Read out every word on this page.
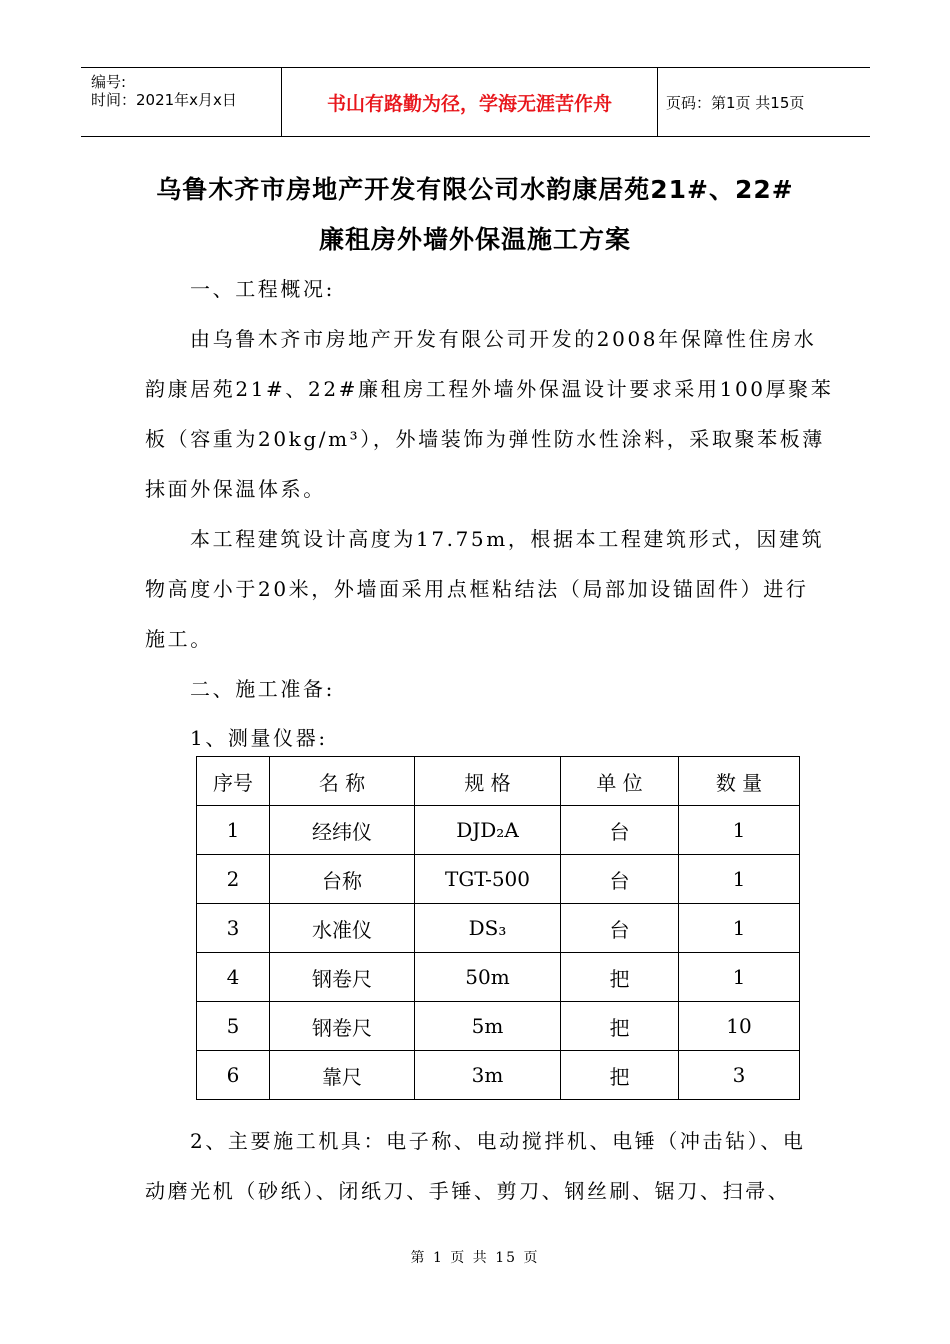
编号:
时间：2021年x月x日	书山有路勤为径，学海无涯苦作舟	页码：第1页 共15页
乌鲁木齐市房地产开发有限公司水韵康居苑21#、22#
廉租房外墙外保温施工方案
一、工程概况:
由乌鲁木齐市房地产开发有限公司开发的2008年保障性住房水
韵康居苑21#、22#廉租房工程外墙外保温设计要求采用100厚聚苯
板（容重为20kg/m³），外墙装饰为弹性防水性涂料，采取聚苯板薄
抹面外保温体系。
本工程建筑设计高度为17.75m，根据本工程建筑形式，因建筑
物高度小于20米，外墙面采用点框粘结法（局部加设锚固件）进行
施工。
二、施工准备:
1、测量仪器:
序号	名 称	规 格	单 位	数 量
1	经纬仪	DJD₂A	台	1
2	台称	TGT-500	台	1
3	水准仪	DS₃	台	1
4	钢卷尺	50m	把	1
5	钢卷尺	5m	把	10
6	靠尺	3m	把	3
2、主要施工机具：电子称、电动搅拌机、电锤（冲击钻）、电
动磨光机（砂纸）、闭纸刀、手锤、剪刀、钢丝刷、锯刀、扫帚、
第 1 页 共 15 页
